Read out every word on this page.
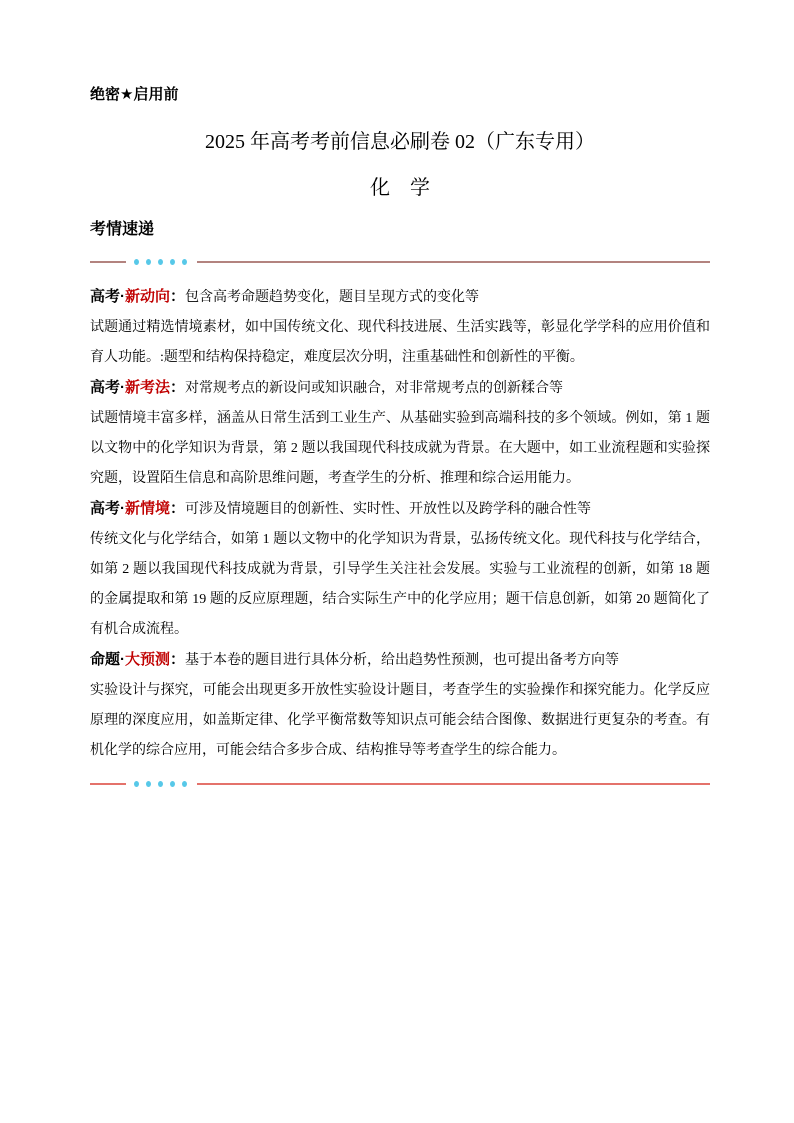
绝密★启用前
2025 年高考考前信息必刷卷 02（广东专用）
化　学
考情速递

高考·新动向：包含高考命题趋势变化，题目呈现方式的变化等

试题通过精选情境素材，如中国传统文化、现代科技进展、生活实践等，彰显化学学科的应用价值和育人功能。:题型和结构保持稳定，难度层次分明，注重基础性和创新性的平衡。

高考·新考法：对常规考点的新设问或知识融合，对非常规考点的创新糅合等

试题情境丰富多样，涵盖从日常生活到工业生产、从基础实验到高端科技的多个领域。例如，第 1 题以文物中的化学知识为背景，第 2 题以我国现代科技成就为背景。在大题中，如工业流程题和实验探究题，设置陌生信息和高阶思维问题，考查学生的分析、推理和综合运用能力。

高考·新情境：可涉及情境题目的创新性、实时性、开放性以及跨学科的融合性等

传统文化与化学结合，如第 1 题以文物中的化学知识为背景，弘扬传统文化。现代科技与化学结合，如第 2 题以我国现代科技成就为背景，引导学生关注社会发展。实验与工业流程的创新，如第 18 题的金属提取和第 19 题的反应原理题，结合实际生产中的化学应用；题干信息创新，如第 20 题简化了有机合成流程。

命题·大预测：基于本卷的题目进行具体分析，给出趋势性预测，也可提出备考方向等

实验设计与探究，可能会出现更多开放性实验设计题目，考查学生的实验操作和探究能力。化学反应原理的深度应用，如盖斯定律、化学平衡常数等知识点可能会结合图像、数据进行更复杂的考查。有机化学的综合应用，可能会结合多步合成、结构推导等考查学生的综合能力。
